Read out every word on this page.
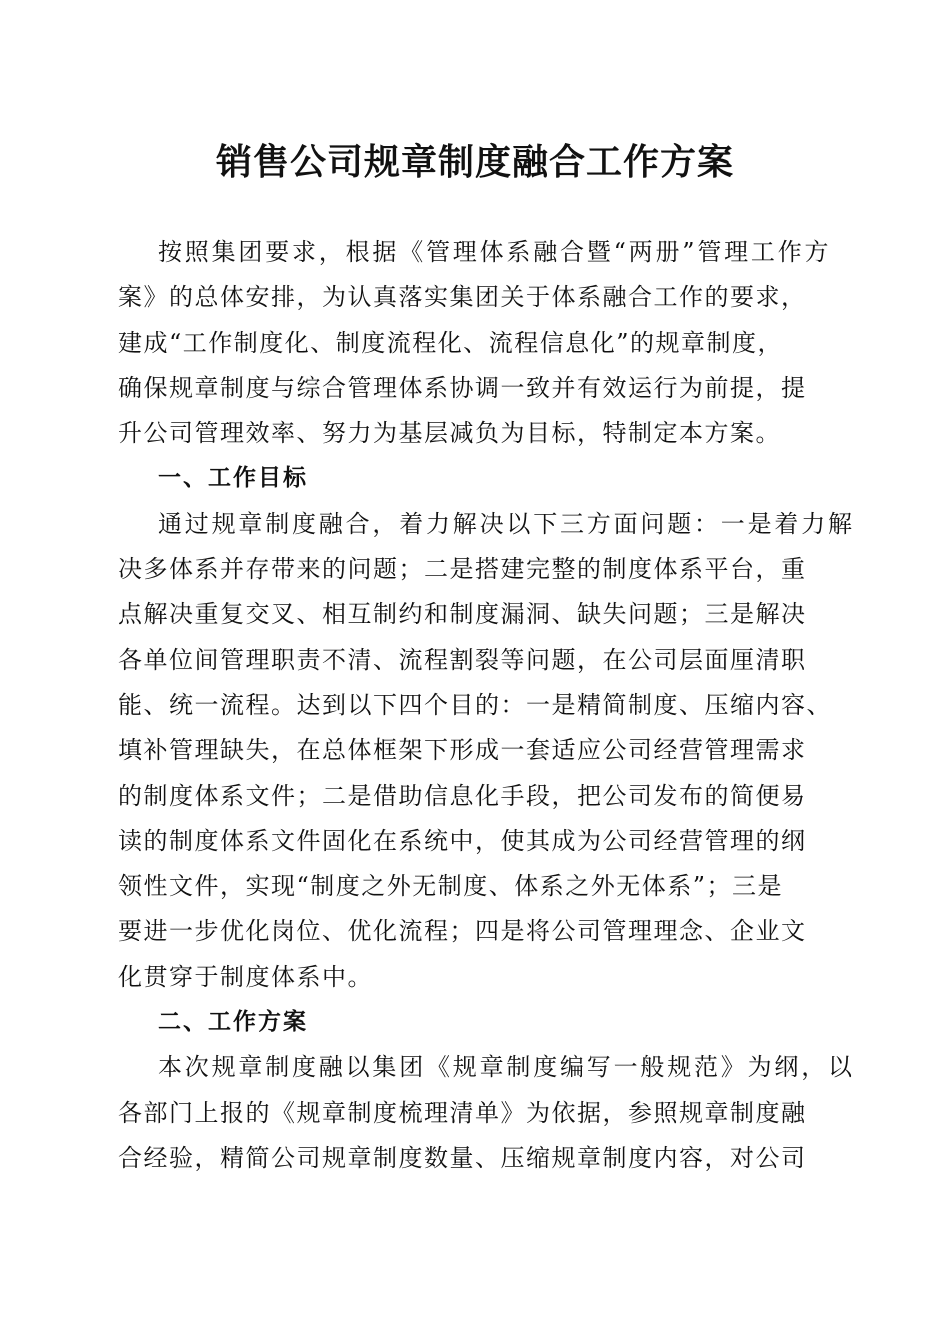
销售公司规章制度融合工作方案
按照集团要求，根据《管理体系融合暨“两册”管理工作方
案》的总体安排，为认真落实集团关于体系融合工作的要求，
建成“工作制度化、制度流程化、流程信息化”的规章制度，
确保规章制度与综合管理体系协调一致并有效运行为前提，提
升公司管理效率、努力为基层减负为目标，特制定本方案。
一、工作目标
通过规章制度融合，着力解决以下三方面问题：一是着力解
决多体系并存带来的问题；二是搭建完整的制度体系平台，重
点解决重复交叉、相互制约和制度漏洞、缺失问题；三是解决
各单位间管理职责不清、流程割裂等问题，在公司层面厘清职
能、统一流程。达到以下四个目的：一是精简制度、压缩内容、
填补管理缺失，在总体框架下形成一套适应公司经营管理需求
的制度体系文件；二是借助信息化手段，把公司发布的简便易
读的制度体系文件固化在系统中，使其成为公司经营管理的纲
领性文件，实现“制度之外无制度、体系之外无体系”；三是
要进一步优化岗位、优化流程；四是将公司管理理念、企业文
化贯穿于制度体系中。
二、工作方案
本次规章制度融以集团《规章制度编写一般规范》为纲，以
各部门上报的《规章制度梳理清单》为依据，参照规章制度融
合经验，精简公司规章制度数量、压缩规章制度内容，对公司
